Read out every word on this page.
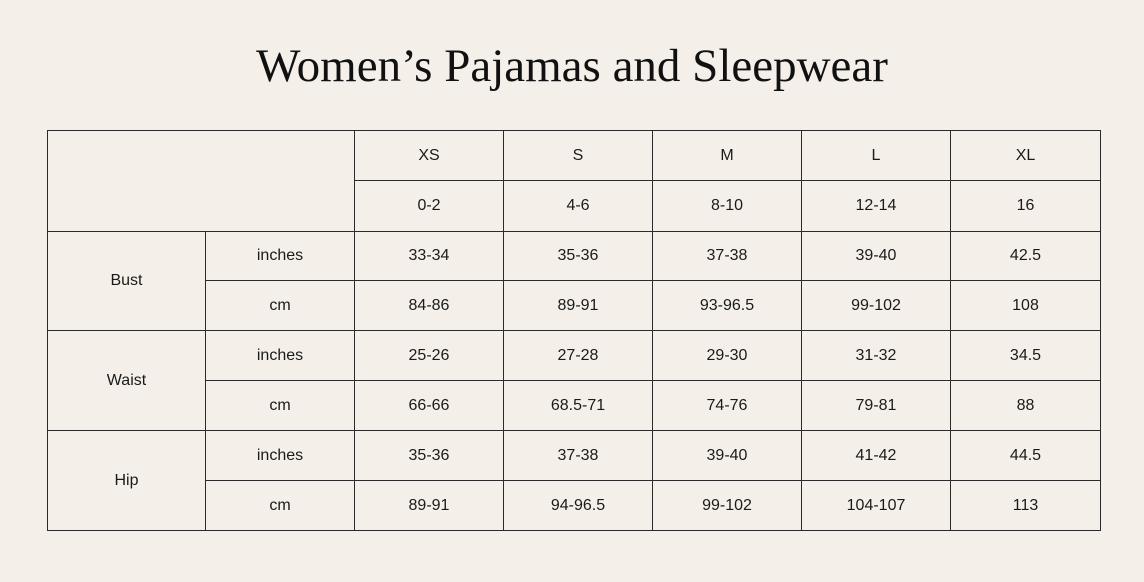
Women’s Pajamas and Sleepwear
		XS	S	M	L	XL
		0-2	4-6	8-10	12-14	16
Bust	inches	33-34	35-36	37-38	39-40	42.5
	cm	84-86	89-91	93-96.5	99-102	108
Waist	inches	25-26	27-28	29-30	31-32	34.5
	cm	66-66	68.5-71	74-76	79-81	88
Hip	inches	35-36	37-38	39-40	41-42	44.5
	cm	89-91	94-96.5	99-102	104-107	113
